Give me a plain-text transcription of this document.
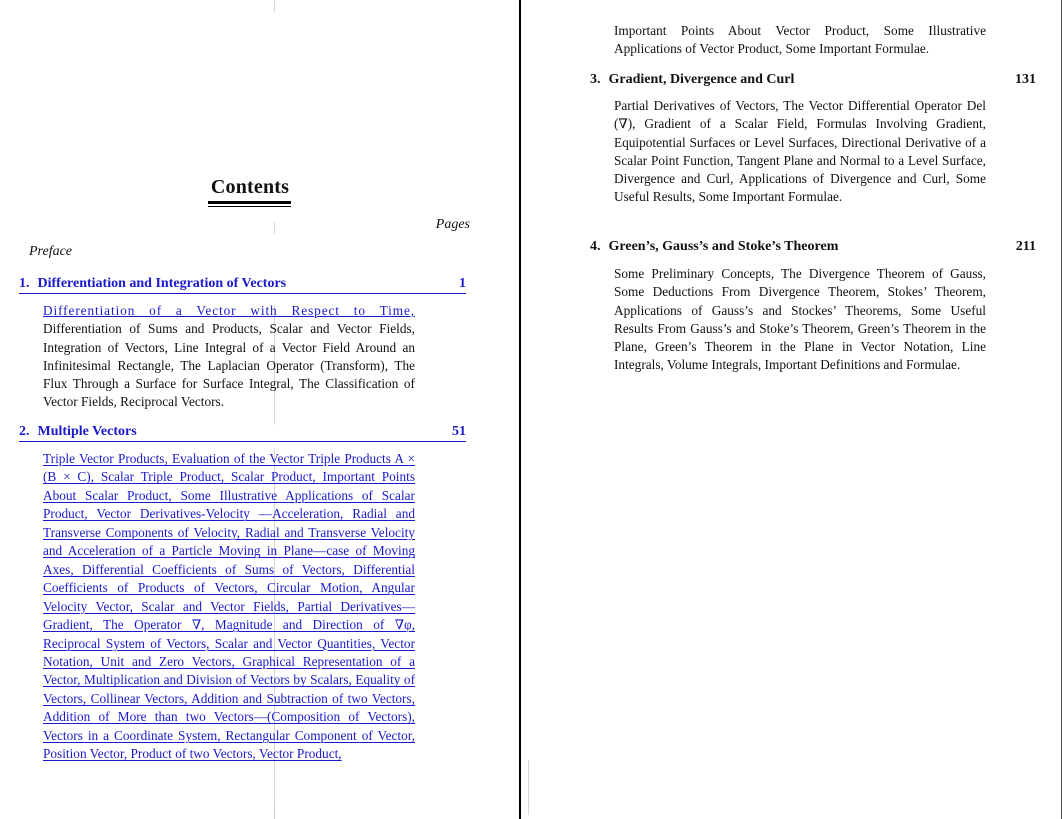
Contents
Pages
Preface
1. Differentiation and Integration of Vectors	1
Differentiation of a Vector with Respect to Time, Differentiation of Sums and Products, Scalar and Vector Fields, Integration of Vectors, Line Integral of a Vector Field Around an Infinitesimal Rectangle, The Laplacian Operator (Transform), The Flux Through a Surface for Surface Integral, The Classification of Vector Fields, Reciprocal Vectors.
2. Multiple Vectors	51
Triple Vector Products, Evaluation of the Vector Triple Products A × (B × C), Scalar Triple Product, Scalar Product, Important Points About Scalar Product, Some Illustrative Applications of Scalar Product, Vector Derivatives-Velocity —Acceleration, Radial and Transverse Components of Velocity, Radial and Transverse Velocity and Acceleration of a Particle Moving in Plane—case of Moving Axes, Differential Coefficients of Sums of Vectors, Differential Coefficients of Products of Vectors, Circular Motion, Angular Velocity Vector, Scalar and Vector Fields, Partial Derivatives—Gradient, The Operator ∇, Magnitude and Direction of ∇φ, Reciprocal System of Vectors, Scalar and Vector Quantities, Vector Notation, Unit and Zero Vectors, Graphical Representation of a Vector, Multiplication and Division of Vectors by Scalars, Equality of Vectors, Collinear Vectors, Addition and Subtraction of two Vectors, Addition of More than two Vectors—(Composition of Vectors), Vectors in a Coordinate System, Rectangular Component of Vector, Position Vector, Product of two Vectors, Vector Product,
Important Points About Vector Product, Some Illustrative Applications of Vector Product, Some Important Formulae.
3. Gradient, Divergence and Curl	131
Partial Derivatives of Vectors, The Vector Differential Operator Del (∇), Gradient of a Scalar Field, Formulas Involving Gradient, Equipotential Surfaces or Level Surfaces, Directional Derivative of a Scalar Point Function, Tangent Plane and Normal to a Level Surface, Divergence and Curl, Applications of Divergence and Curl, Some Useful Results, Some Important Formulae.
4. Green’s, Gauss’s and Stoke’s Theorem	211
Some Preliminary Concepts, The Divergence Theorem of Gauss, Some Deductions From Divergence Theorem, Stokes’ Theorem, Applications of Gauss’s and Stockes’ Theorems, Some Useful Results From Gauss’s and Stoke’s Theorem, Green’s Theorem in the Plane, Green’s Theorem in the Plane in Vector Notation, Line Integrals, Volume Integrals, Important Definitions and Formulae.
